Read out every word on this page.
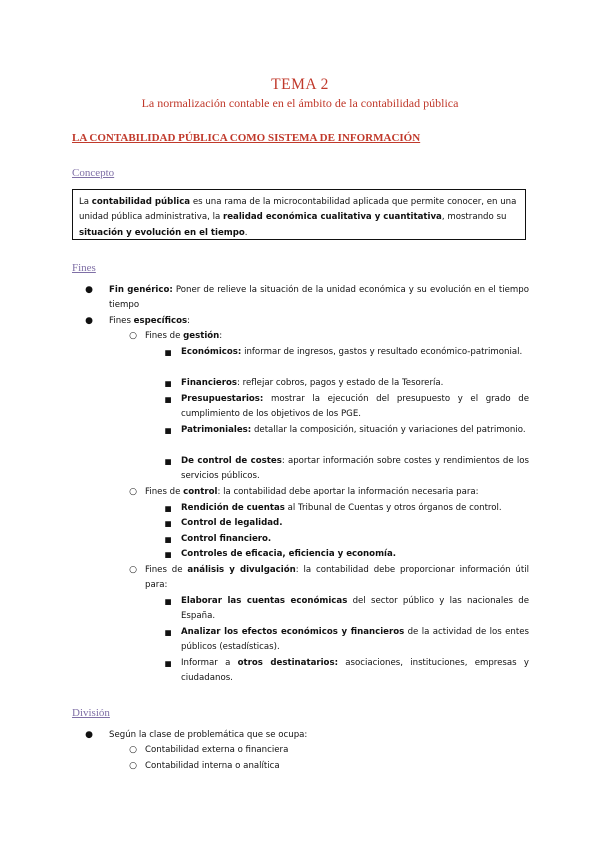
TEMA 2
La normalización contable en el ámbito de la contabilidad pública
LA CONTABILIDAD PÚBLICA COMO SISTEMA DE INFORMACIÓN
Concepto
La contabilidad pública es una rama de la microcontabilidad aplicada que permite conocer, en una unidad pública administrativa, la realidad económica cualitativa y cuantitativa, mostrando su situación y evolución en el tiempo.
Fines
● Fin genérico: Poner de relieve la situación de la unidad económica y su evolución en el tiempo
tiempo
● Fines específicos:
○ Fines de gestión:
■ Económicos: informar de ingresos, gastos y resultado económico-patrimonial.
■ Financieros: reflejar cobros, pagos y estado de la Tesorería.
■ Presupuestarios: mostrar la ejecución del presupuesto y el grado de cumplimiento de los objetivos de los PGE.
■ Patrimoniales: detallar la composición, situación y variaciones del patrimonio.
■ De control de costes: aportar información sobre costes y rendimientos de los servicios públicos.
○ Fines de control: la contabilidad debe aportar la información necesaria para:
■ Rendición de cuentas al Tribunal de Cuentas y otros órganos de control.
■ Control de legalidad.
■ Control financiero.
■ Controles de eficacia, eficiencia y economía.
○ Fines de análisis y divulgación: la contabilidad debe proporcionar información útil para:
■ Elaborar las cuentas económicas del sector público y las nacionales de España.
■ Analizar los efectos económicos y financieros de la actividad de los entes públicos (estadísticas).
■ Informar a otros destinatarios: asociaciones, instituciones, empresas y ciudadanos.
División
● Según la clase de problemática que se ocupa:
○ Contabilidad externa o financiera
○ Contabilidad interna o analítica
